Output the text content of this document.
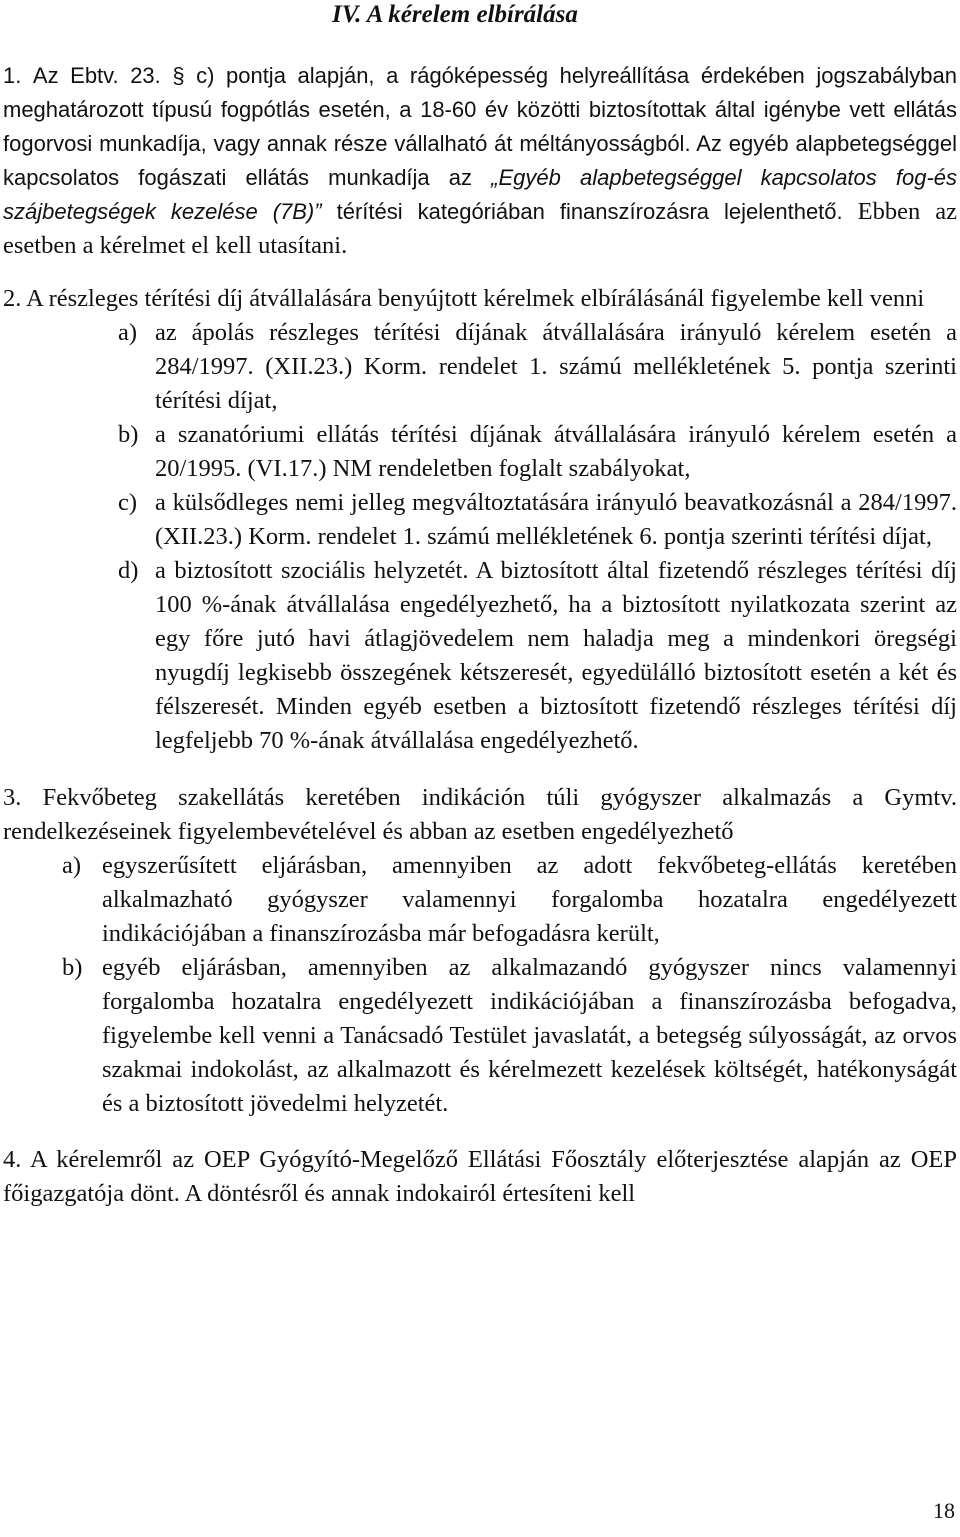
IV. A kérelem elbírálása

1. Az Ebtv. 23. § c) pontja alapján, a rágóképesség helyreállítása érdekében jogszabályban meghatározott típusú fogpótlás esetén, a 18-60 év közötti biztosítottak által igénybe vett ellátás fogorvosi munkadíja, vagy annak része vállalható át méltányosságból. Az egyéb alapbetegséggel kapcsolatos fogászati ellátás munkadíja az „Egyéb alapbetegséggel kapcsolatos fog-és szájbetegségek kezelése (7B)” térítési kategóriában finanszírozásra lejelenthető. Ebben az esetben a kérelmet el kell utasítani.

2. A részleges térítési díj átvállalására benyújtott kérelmek elbírálásánál figyelembe kell venni

a) az ápolás részleges térítési díjának átvállalására irányuló kérelem esetén a 284/1997. (XII.23.) Korm. rendelet 1. számú mellékletének 5. pontja szerinti térítési díjat,
b) a szanatóriumi ellátás térítési díjának átvállalására irányuló kérelem esetén a 20/1995. (VI.17.) NM rendeletben foglalt szabályokat,
c) a külsődleges nemi jelleg megváltoztatására irányuló beavatkozásnál a 284/1997. (XII.23.) Korm. rendelet 1. számú mellékletének 6. pontja szerinti térítési díjat,
d) a biztosított szociális helyzetét. A biztosított által fizetendő részleges térítési díj 100 %-ának átvállalása engedélyezhető, ha a biztosított nyilatkozata szerint az egy főre jutó havi átlagjövedelem nem haladja meg a mindenkori öregségi nyugdíj legkisebb összegének kétszeresét, egyedülálló biztosított esetén a két és félszeresét. Minden egyéb esetben a biztosított fizetendő részleges térítési díj legfeljebb 70 %-ának átvállalása engedélyezhető.

3. Fekvőbeteg szakellátás keretében indikáción túli gyógyszer alkalmazás a Gymtv. rendelkezéseinek figyelembevételével és abban az esetben engedélyezhető

a) egyszerűsített eljárásban, amennyiben az adott fekvőbeteg-ellátás keretében alkalmazható gyógyszer valamennyi forgalomba hozatalra engedélyezett indikációjában a finanszírozásba már befogadásra került,
b) egyéb eljárásban, amennyiben az alkalmazandó gyógyszer nincs valamennyi forgalomba hozatalra engedélyezett indikációjában a finanszírozásba befogadva, figyelembe kell venni a Tanácsadó Testület javaslatát, a betegség súlyosságát, az orvos szakmai indokolást, az alkalmazott és kérelmezett kezelések költségét, hatékonyságát és a biztosított jövedelmi helyzetét.

4. A kérelemről az OEP Gyógyító-Megelőző Ellátási Főosztály előterjesztése alapján az OEP főigazgatója dönt. A döntésről és annak indokairól értesíteni kell

18
